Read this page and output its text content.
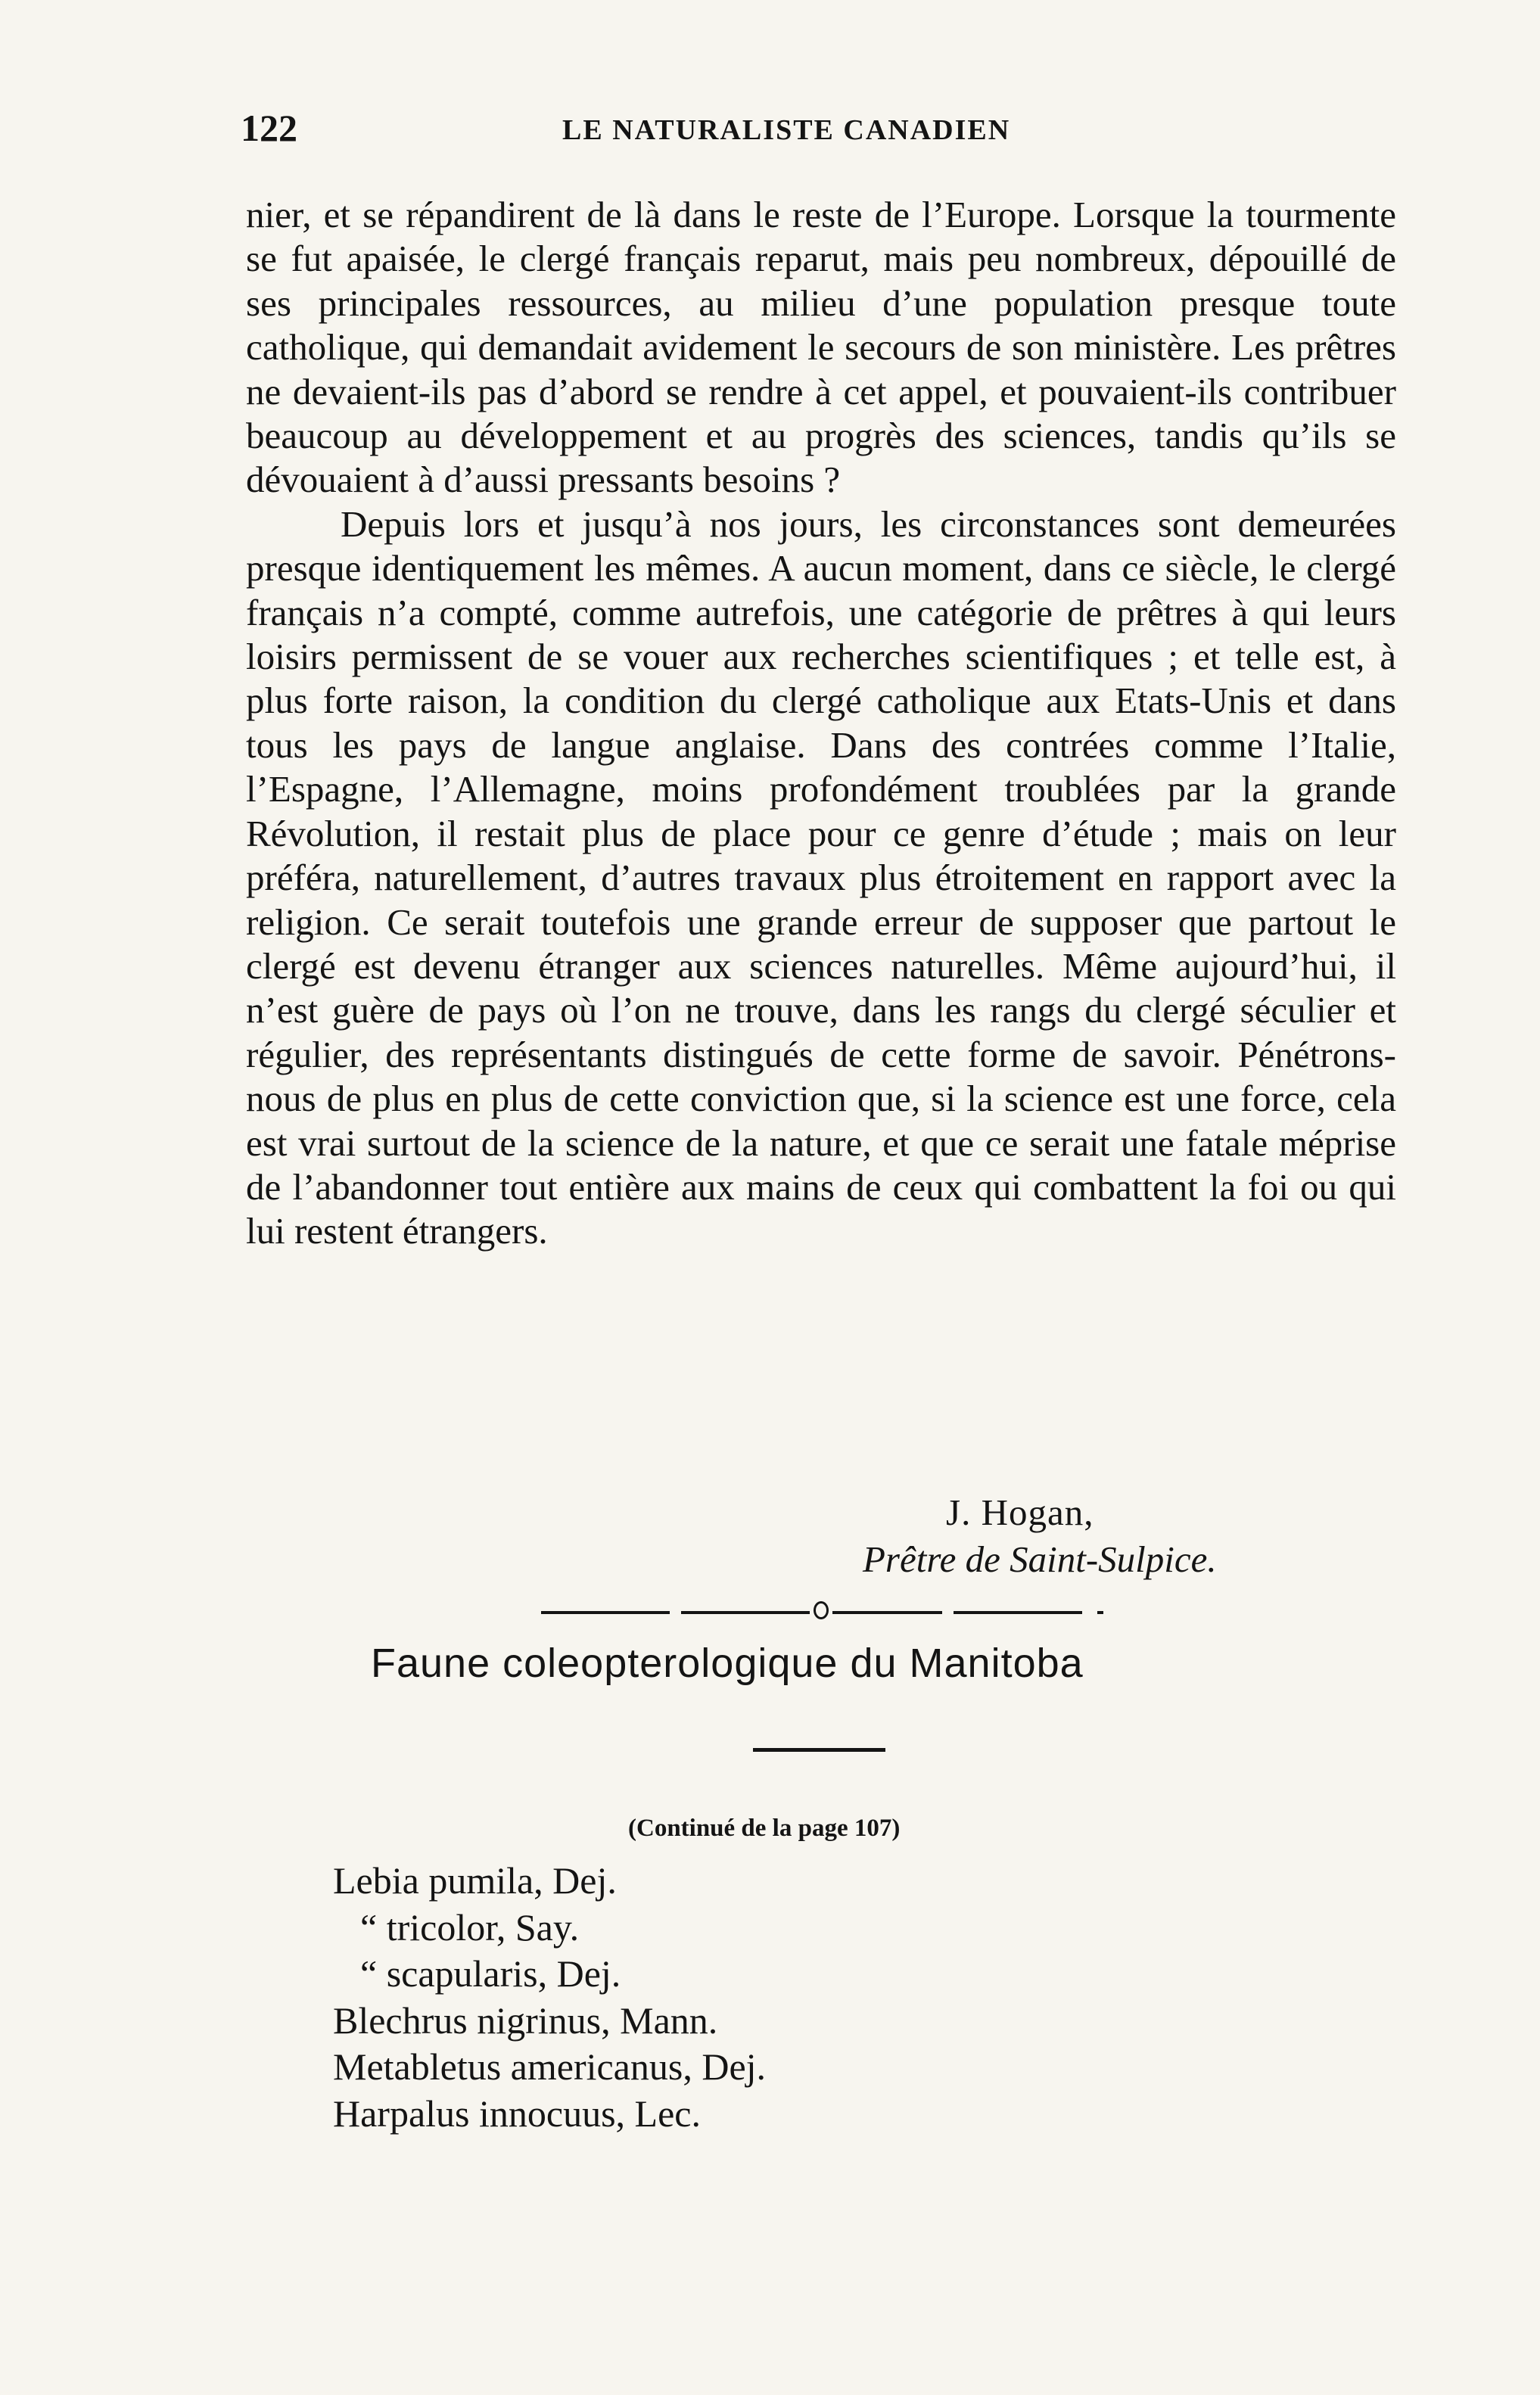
122	LE NATURALISTE CANADIEN

nier, et se répandirent de là dans le reste de l’Europe. Lorsque la tourmente se fut apaisée, le clergé français reparut, mais peu nombreux, dépouillé de ses principales ressources, au milieu d’une population presque toute catholique, qui demandait avidement le secours de son ministère. Les prêtres ne devaient-ils pas d’abord se rendre à cet appel, et pouvaient-ils contribuer beaucoup au développement et au progrès des sciences, tandis qu’ils se dévouaient à d’aussi pressants besoins ?

Depuis lors et jusqu’à nos jours, les circonstances sont demeurées presque identiquement les mêmes. A aucun moment, dans ce siècle, le clergé français n’a compté, comme autrefois, une catégorie de prêtres à qui leurs loisirs permissent de se vouer aux recherches scientifiques ; et telle est, à plus forte raison, la condition du clergé catholique aux Etats-Unis et dans tous les pays de langue anglaise. Dans des contrées comme l’Italie, l’Espagne, l’Allemagne, moins profondément troublées par la grande Révolution, il restait plus de place pour ce genre d’étude ; mais on leur préféra, naturellement, d’autres travaux plus étroitement en rapport avec la religion. Ce serait toutefois une grande erreur de supposer que partout le clergé est devenu étranger aux sciences naturelles. Même aujourd’hui, il n’est guère de pays où l’on ne trouve, dans les rangs du clergé séculier et régulier, des représentants distingués de cette forme de savoir. Pénétrons-nous de plus en plus de cette conviction que, si la science est une force, cela est vrai surtout de la science de la nature, et que ce serait une fatale méprise de l’abandonner tout entière aux mains de ceux qui combattent la foi ou qui lui restent étrangers.

J. Hogan,
Prêtre de Saint-Sulpice.
Faune coleopterologique du Manitoba
(Continué de la page 107)
Lebia pumila, Dej.
“ tricolor, Say.
“ scapularis, Dej.
Blechrus nigrinus, Mann.
Metabletus americanus, Dej.
Harpalus innocuus, Lec.
